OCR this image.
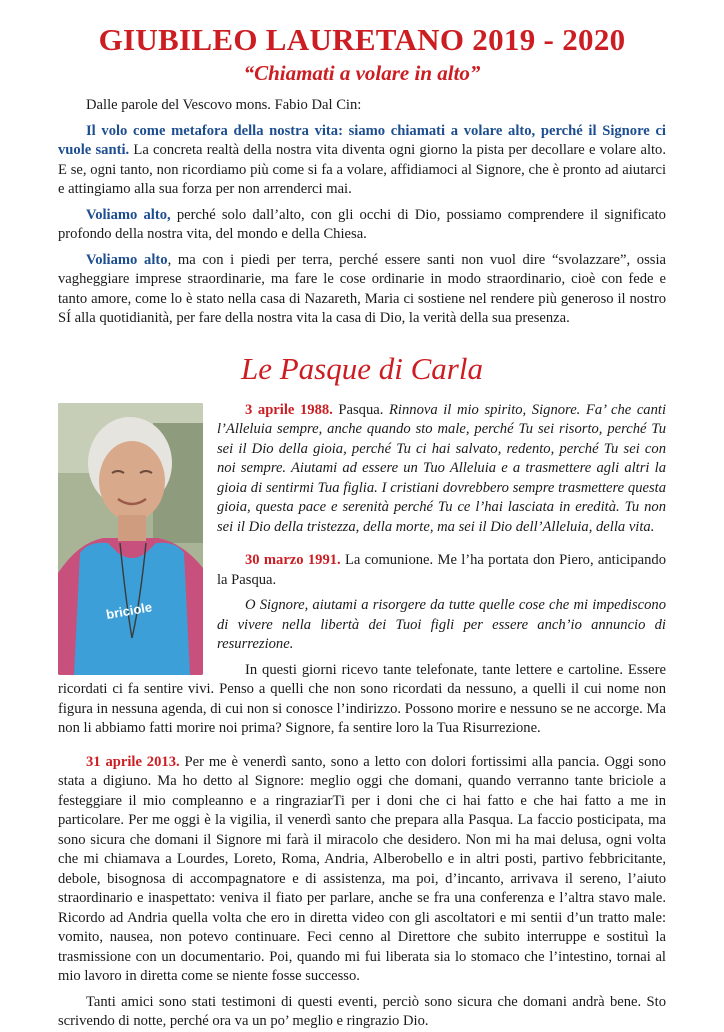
GIUBILEO LAURETANO 2019 - 2020
“Chiamati a volare in alto”

Dalle parole del Vescovo mons. Fabio Dal Cin:

Il volo come metafora della nostra vita: siamo chiamati a volare alto, perché il Signore ci vuole santi. La concreta realtà della nostra vita diventa ogni giorno la pista per decollare e volare alto. E se, ogni tanto, non ricordiamo più come si fa a volare, affidiamoci al Signore, che è pronto ad aiutarci e attingiamo alla sua forza per non arrenderci mai.

Voliamo alto, perché solo dall’alto, con gli occhi di Dio, possiamo comprendere il significato profondo della nostra vita, del mondo e della Chiesa.

Voliamo alto, ma con i piedi per terra, perché essere santi non vuol dire “svolazzare”, ossia vagheggiare imprese straordinarie, ma fare le cose ordinarie in modo straordinario, cioè con fede e tanto amore, come lo è stato nella casa di Nazareth, Maria ci sostiene nel rendere più generoso il nostro SÍ alla quotidianità, per fare della nostra vita la casa di Dio, la verità della sua presenza.

Le Pasque di Carla
briciole

3 aprile 1988. Pasqua. Rinnova il mio spirito, Signore. Fa’ che canti l’Alleluia sempre, anche quando sto male, perché Tu sei risorto, perché Tu sei il Dio della gioia, perché Tu ci hai salvato, redento, perché Tu sei con noi sempre. Aiutami ad essere un Tuo Alleluia e a trasmettere agli altri la gioia di sentirmi Tua figlia. I cristiani dovrebbero sempre trasmettere questa gioia, questa pace e serenità perché Tu ce l’hai lasciata in eredità. Tu non sei il Dio della tristezza, della morte, ma sei il Dio dell’Alleluia, della vita.

30 marzo 1991. La comunione. Me l’ha portata don Piero, anticipando la Pasqua.

O Signore, aiutami a risorgere da tutte quelle cose che mi impediscono di vivere nella libertà dei Tuoi figli per essere anch’io annuncio di resurrezione.

In questi giorni ricevo tante telefonate, tante lettere e cartoline. Essere ricordati ci fa sentire vivi. Penso a quelli che non sono ricordati da nessuno, a quelli il cui nome non figura in nessuna agenda, di cui non si conosce l’indirizzo. Possono morire e nessuno se ne accorge. Ma non li abbiamo fatti morire noi prima? Signore, fa sentire loro la Tua Risurrezione.

31 aprile 2013. Per me è venerdì santo, sono a letto con dolori fortissimi alla pancia. Oggi sono stata a digiuno. Ma ho detto al Signore: meglio oggi che domani, quando verranno tante briciole a festeggiare il mio compleanno e a ringraziarTi per i doni che ci hai fatto e che hai fatto a me in particolare. Per me oggi è la vigilia, il venerdì santo che prepara alla Pasqua. La faccio posticipata, ma sono sicura che domani il Signore mi farà il miracolo che desidero. Non mi ha mai delusa, ogni volta che mi chiamava a Lourdes, Loreto, Roma, Andria, Alberobello e in altri posti, partivo febbricitante, debole, bisognosa di accompagnatore e di assistenza, ma poi, d’incanto, arrivava il sereno, l’aiuto straordinario e inaspettato: veniva il fiato per parlare, anche se fra una conferenza e l’altra stavo male. Ricordo ad Andria quella volta che ero in diretta video con gli ascoltatori e mi sentii d’un tratto male: vomito, nausea, non potevo continuare. Feci cenno al Direttore che subito interruppe e sostituì la trasmissione con un documentario. Poi, quando mi fui liberata sia lo stomaco che l’intestino, tornai al mio lavoro in diretta come se niente fosse successo.

Tanti amici sono stati testimoni di questi eventi, perciò sono sicura che domani andrà bene. Sto scrivendo di notte, perché ora va un po’ meglio e ringrazio Dio.
